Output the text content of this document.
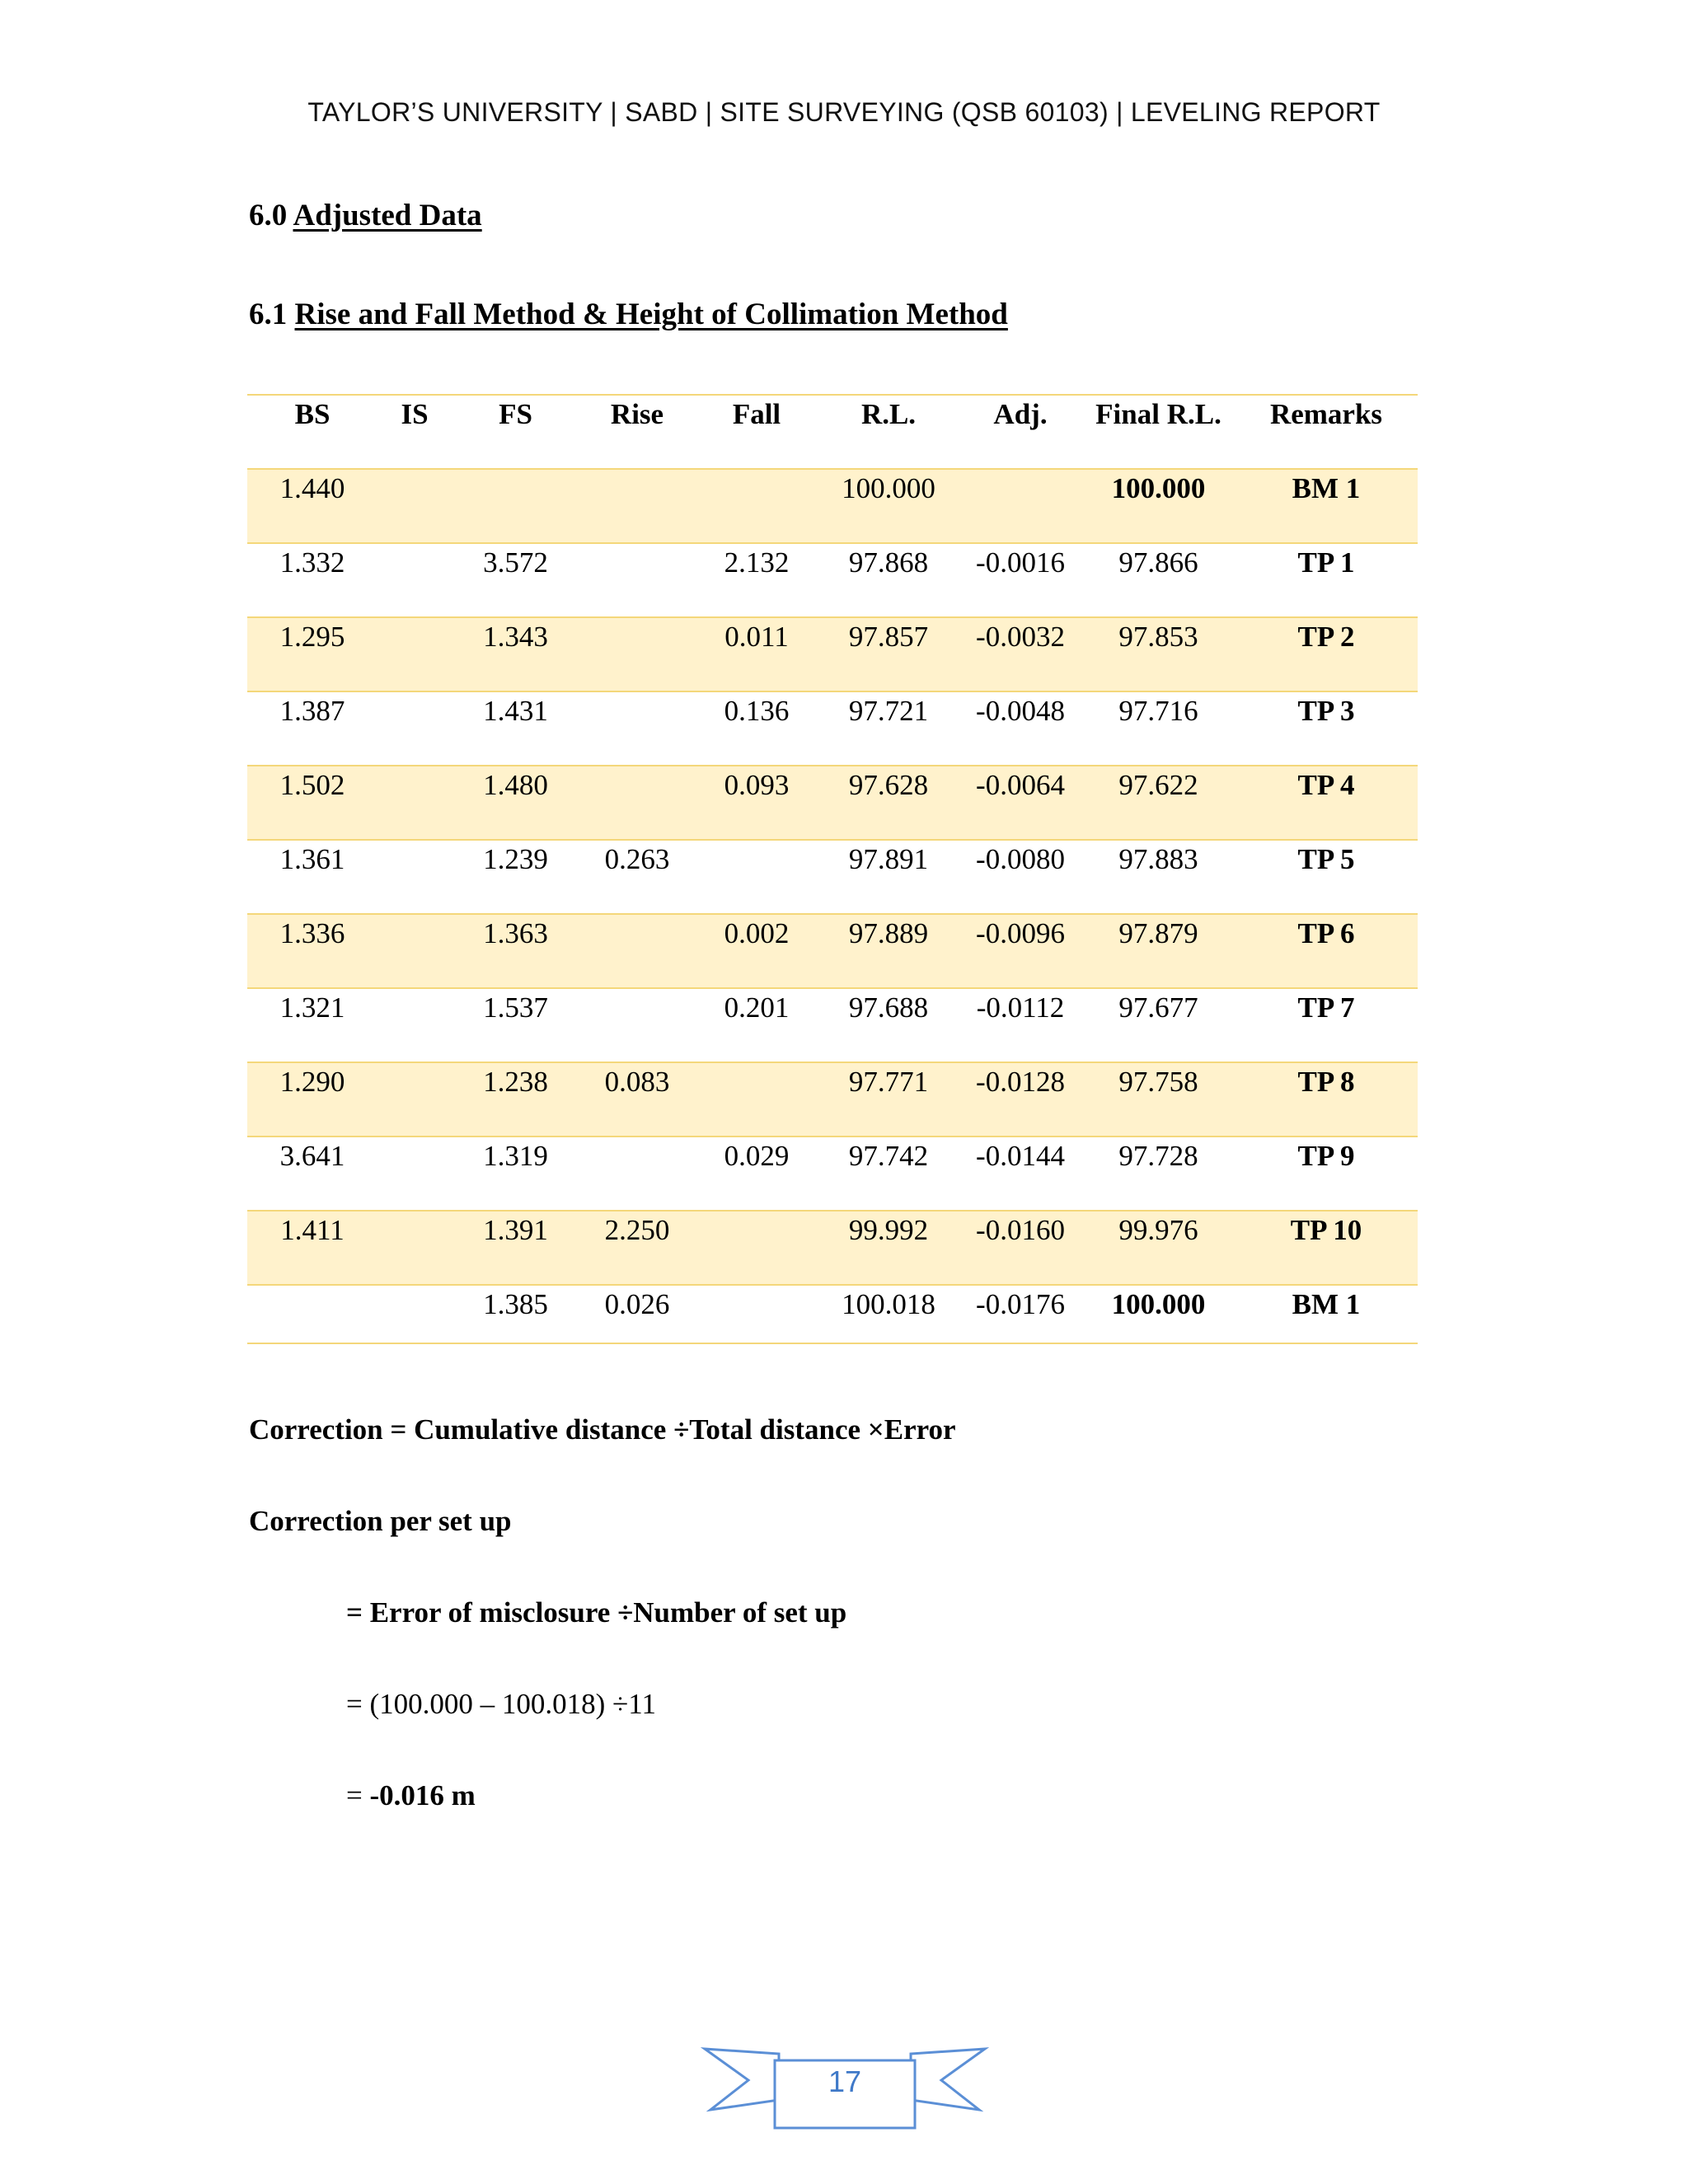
TAYLOR’S UNIVERSITY | SABD | SITE SURVEYING (QSB 60103) | LEVELING REPORT
6.0 Adjusted Data
6.1 Rise and Fall Method & Height of Collimation Method
BS	IS	FS	Rise	Fall	R.L.	Adj.	Final R.L.	Remarks
1.440					100.000		100.000	BM 1
1.332		3.572		2.132	97.868	-0.0016	97.866	TP 1
1.295		1.343		0.011	97.857	-0.0032	97.853	TP 2
1.387		1.431		0.136	97.721	-0.0048	97.716	TP 3
1.502		1.480		0.093	97.628	-0.0064	97.622	TP 4
1.361		1.239	0.263		97.891	-0.0080	97.883	TP 5
1.336		1.363		0.002	97.889	-0.0096	97.879	TP 6
1.321		1.537		0.201	97.688	-0.0112	97.677	TP 7
1.290		1.238	0.083		97.771	-0.0128	97.758	TP 8
3.641		1.319		0.029	97.742	-0.0144	97.728	TP 9
1.411		1.391	2.250		99.992	-0.0160	99.976	TP 10
		1.385	0.026		100.018	-0.0176	100.000	BM 1
Correction = Cumulative distance ÷Total distance ×Error
Correction per set up
= Error of misclosure ÷Number of set up
= (100.000 – 100.018) ÷11
= -0.016 m
17
